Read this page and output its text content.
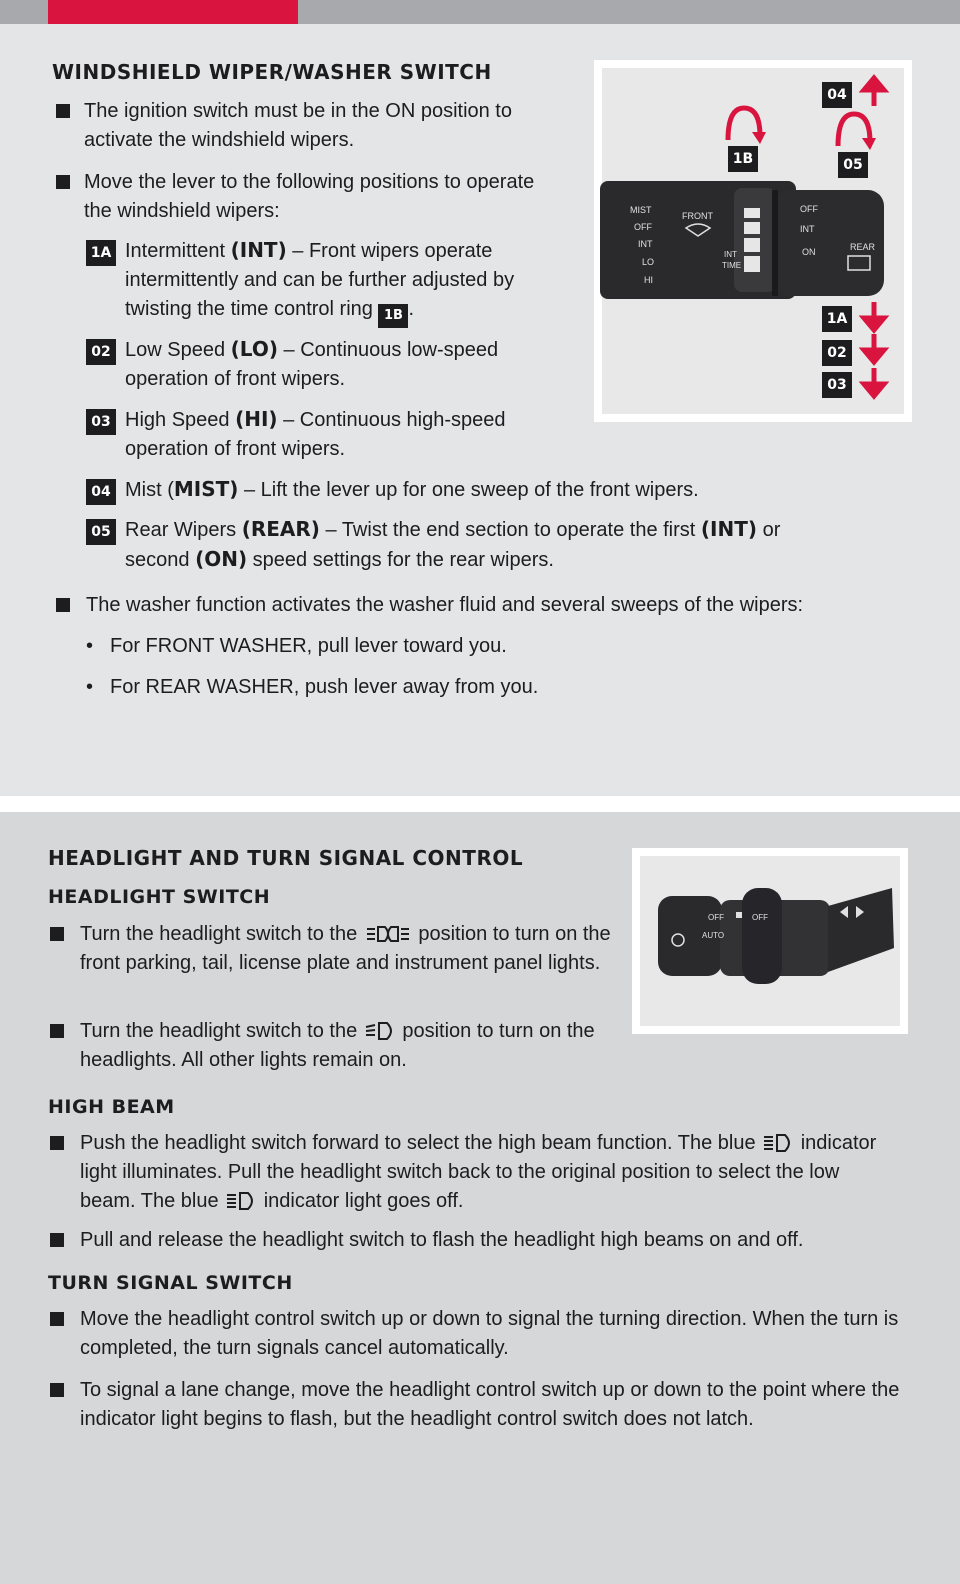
WINDSHIELD WIPER/WASHER SWITCH
The ignition switch must be in the ON position to activate the windshield wipers.
Move the lever to the following positions to operate the windshield wipers:
1A Intermittent (INT) – Front wipers operate intermittently and can be further adjusted by twisting the time control ring 1B .
02 Low Speed (LO) – Continuous low-speed operation of front wipers.
03 High Speed (HI) – Continuous high-speed operation of front wipers.
04 Mist (MIST) – Lift the lever up for one sweep of the front wipers.
05 Rear Wipers (REAR) – Twist the end section to operate the first (INT) or second (ON) speed settings for the rear wipers.
The washer function activates the washer fluid and several sweeps of the wipers:
• For FRONT WASHER, pull lever toward you.
• For REAR WASHER, push lever away from you.
MIST
OFF
INT
LO
HI
FRONT
INT
TIME
OFF
INT
ON	REAR
04
1B	05
1A
02
03
HEADLIGHT AND TURN SIGNAL CONTROL
HEADLIGHT SWITCH
Turn the headlight switch to the	position to turn on the front parking, tail, license plate and instrument panel lights.
Turn the headlight switch to the  position to turn on the headlights. All other lights remain on.
HIGH BEAM
Push the headlight switch forward to select the high beam function. The blue  indicator light illuminates. Pull the headlight switch back to the original position to select the low beam. The blue  indicator light goes off.
Pull and release the headlight switch to flash the headlight high beams on and off.
TURN SIGNAL SWITCH
Move the headlight control switch up or down to signal the turning direction. When the turn is completed, the turn signals cancel automatically.
To signal a lane change, move the headlight control switch up or down to the point where the indicator light begins to flash, but the headlight control switch does not latch.
OFF
AUTO
OFF
